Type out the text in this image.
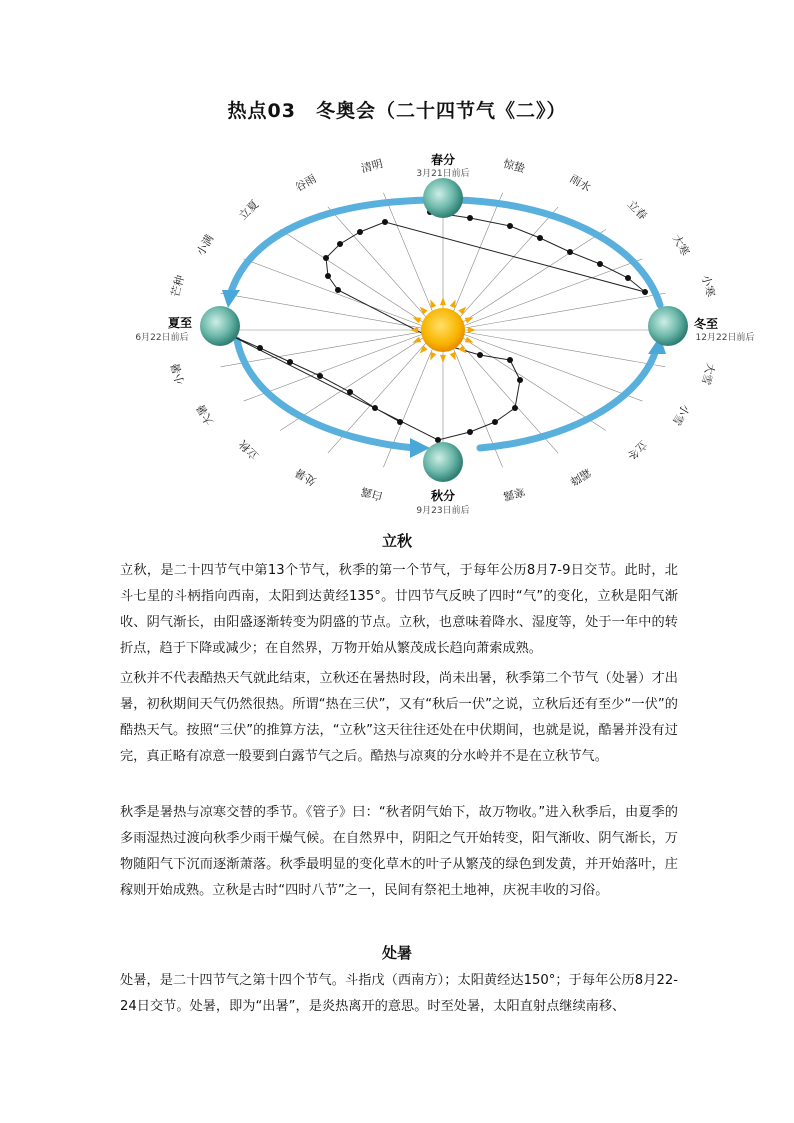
热点03　冬奥会（二十四节气《二》）
春分
3月21日前后
夏至
6月22日前后
秋分
9月23日前后
冬至
12月22日前后
清明
谷雨
立夏
小满
芒种
小暑
大暑
立秋
处暑
白露	寒露
霜降
立冬
小雪
大雪
小寒
大寒
立春
雨水
惊蛰
立秋

立秋，是二十四节气中第13个节气，秋季的第一个节气，于每年公历8月7-9日交节。此时，北斗七星的斗柄指向西南，太阳到达黄经135°。廿四节气反映了四时“气”的变化，立秋是阳气渐收、阴气渐长，由阳盛逐渐转变为阴盛的节点。立秋，也意味着降水、湿度等，处于一年中的转折点，趋于下降或减少；在自然界，万物开始从繁茂成长趋向萧索成熟。

立秋并不代表酷热天气就此结束，立秋还在暑热时段，尚未出暑，秋季第二个节气（处暑）才出暑，初秋期间天气仍然很热。所谓“热在三伏”，又有“秋后一伏”之说，立秋后还有至少“一伏”的酷热天气。按照“三伏”的推算方法，“立秋”这天往往还处在中伏期间，也就是说，酷暑并没有过完，真正略有凉意一般要到白露节气之后。酷热与凉爽的分水岭并不是在立秋节气。

秋季是暑热与凉寒交替的季节。《管子》曰：“秋者阴气始下，故万物收。”进入秋季后，由夏季的多雨湿热过渡向秋季少雨干燥气候。在自然界中，阴阳之气开始转变，阳气渐收、阴气渐长，万物随阳气下沉而逐渐萧落。秋季最明显的变化草木的叶子从繁茂的绿色到发黄，并开始落叶，庄稼则开始成熟。立秋是古时“四时八节”之一，民间有祭祀土地神，庆祝丰收的习俗。

处暑

处暑，是二十四节气之第十四个节气。斗指戊（西南方）；太阳黄经达150°；于每年公历8月22-24日交节。处暑，即为“出暑”，是炎热离开的意思。时至处暑，太阳直射点继续南移、
